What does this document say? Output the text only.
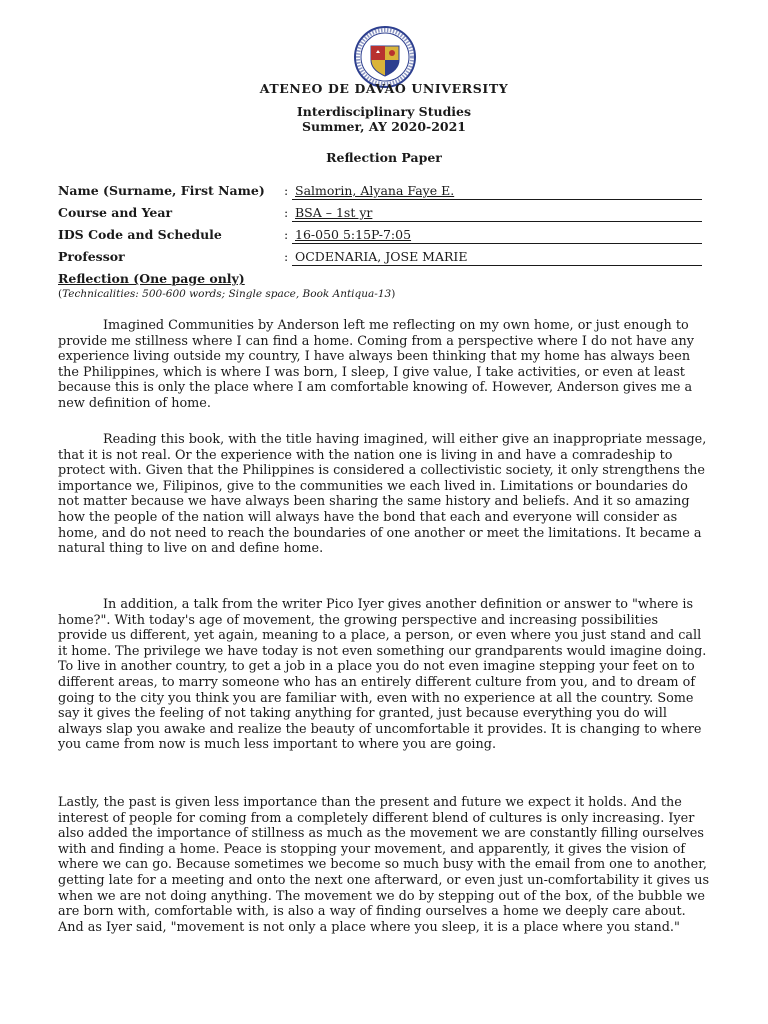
ATENEO DE DAVAO UNIVERSITY
Interdisciplinary Studies
Summer, AY 2020-2021
Reflection Paper
Name (Surname, First Name) : Salmorin, Alyana Faye E.
Course and Year	: BSA – 1st yr
IDS Code and Schedule	: 16-050 5:15P-7:05
Professor	: OCDENARIA, JOSE MARIE
Reflection (One page only)
(Technicalities: 500-600 words; Single space, Book Antiqua-13)

Imagined Communities by Anderson left me reflecting on my own home, or just enough to provide me stillness where I can find a home. Coming from a perspective where I do not have any experience living outside my country, I have always been thinking that my home has always been the Philippines, which is where I was born, I sleep, I give value, I take activities, or even at least because this is only the place where I am comfortable knowing of. However, Anderson gives me a new definition of home.

Reading this book, with the title having imagined, will either give an inappropriate message, that it is not real. Or the experience with the nation one is living in and have a comradeship to protect with. Given that the Philippines is considered a collectivistic society, it only strengthens the importance we, Filipinos, give to the communities we each lived in. Limitations or boundaries do not matter because we have always been sharing the same history and beliefs. And it so amazing how the people of the nation will always have the bond that each and everyone will consider as home, and do not need to reach the boundaries of one another or meet the limitations. It became a natural thing to live on and define home.

In addition, a talk from the writer Pico Iyer gives another definition or answer to "where is home?". With today's age of movement, the growing perspective and increasing possibilities provide us different, yet again, meaning to a place, a person, or even where you just stand and call it home. The privilege we have today is not even something our grandparents would imagine doing. To live in another country, to get a job in a place you do not even imagine stepping your feet on to different areas, to marry someone who has an entirely different culture from you, and to dream of going to the city you think you are familiar with, even with no experience at all the country. Some say it gives the feeling of not taking anything for granted, just because everything you do will always slap you awake and realize the beauty of uncomfortable it provides. It is changing to where you came from now is much less important to where you are going.

Lastly, the past is given less importance than the present and future we expect it holds. And the interest of people for coming from a completely different blend of cultures is only increasing. Iyer also added the importance of stillness as much as the movement we are constantly filling ourselves with and finding a home. Peace is stopping your movement, and apparently, it gives the vision of where we can go. Because sometimes we become so much busy with the email from one to another, getting late for a meeting and onto the next one afterward, or even just un-comfortability it gives us when we are not doing anything. The movement we do by stepping out of the box, of the bubble we are born with, comfortable with, is also a way of finding ourselves a home we deeply care about. And as Iyer said, "movement is not only a place where you sleep, it is a place where you stand."
